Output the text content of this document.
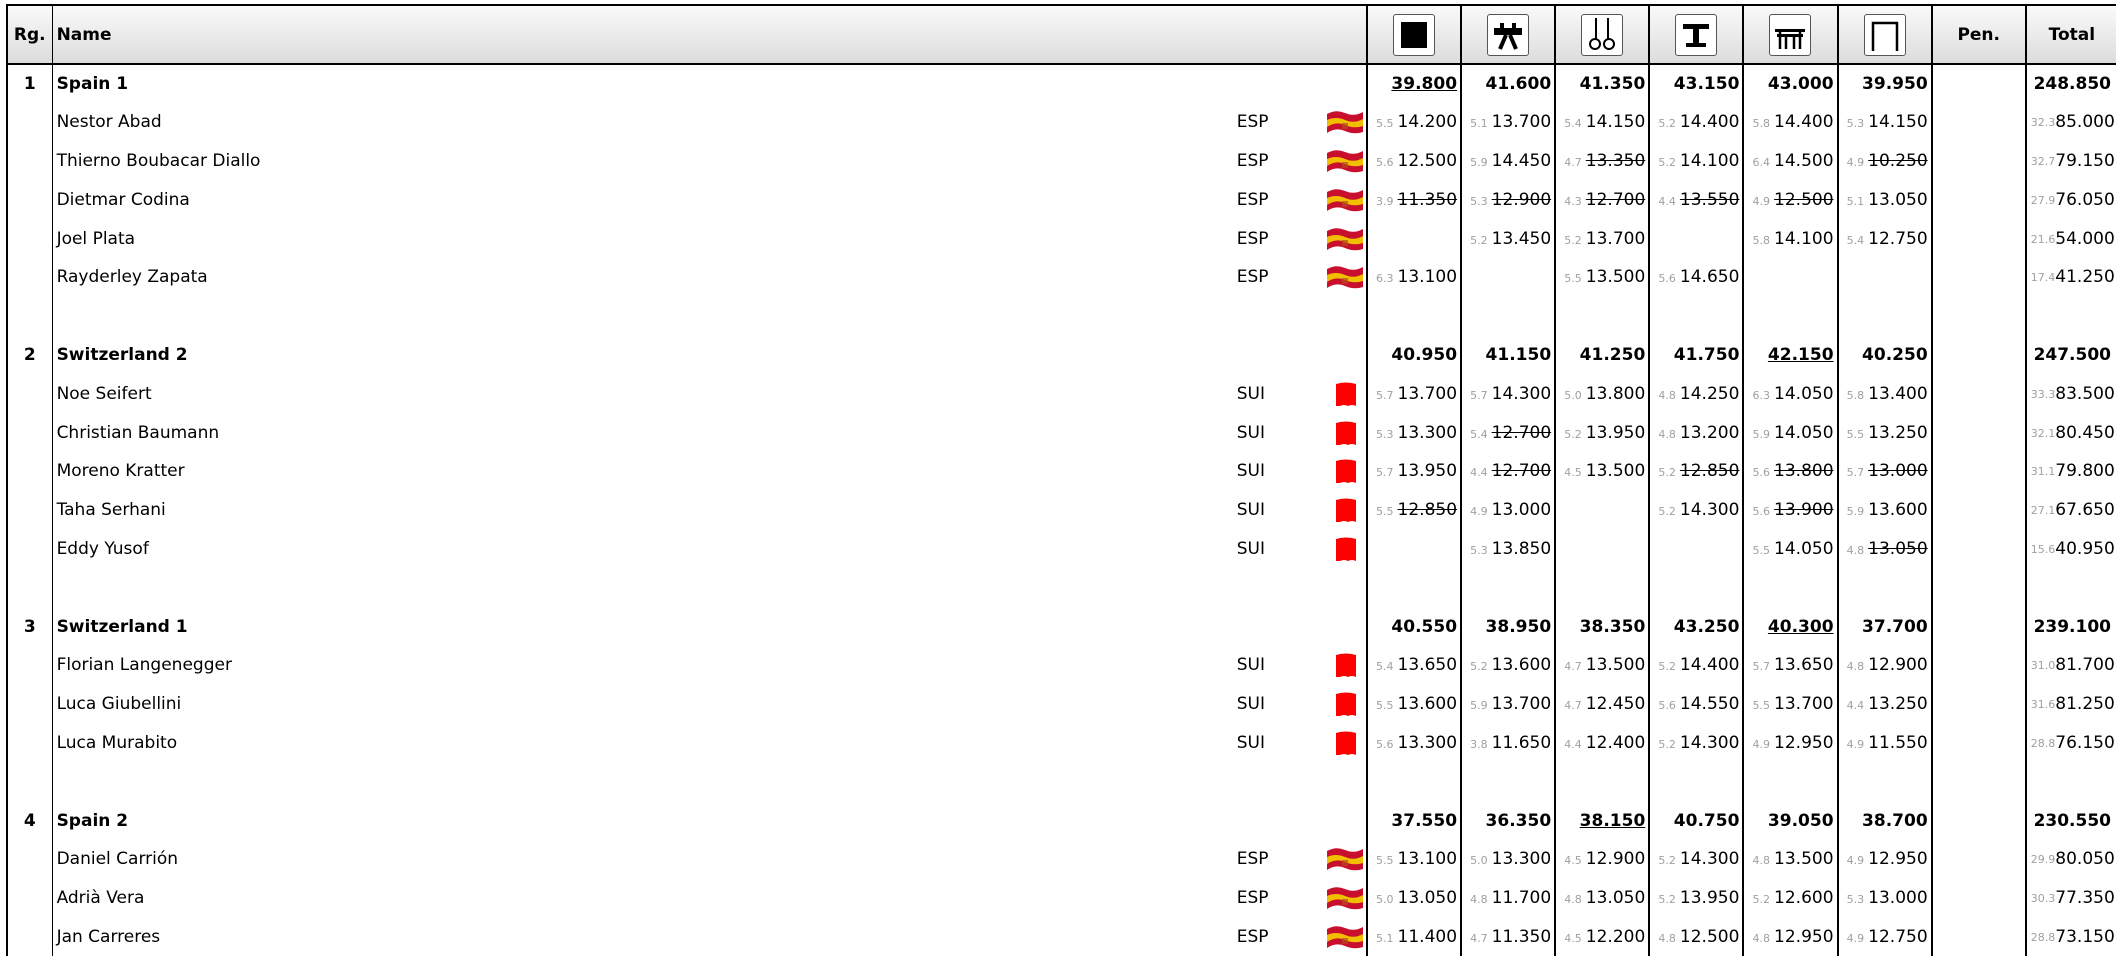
Rg.	Name									Pen.	Total
1	Spain 1			39.800	41.600	41.350	43.150	43.000	39.950		248.850
	Nestor Abad	ESP		5.5 14.200	5.1 13.700	5.4 14.150	5.2 14.400	5.8 14.400	5.3 14.150		32.3 85.000
	Thierno Boubacar Diallo	ESP		5.6 12.500	5.9 14.450	4.7 13.350	5.2 14.100	6.4 14.500	4.9 10.250		32.7 79.150
	Dietmar Codina	ESP		3.9 11.350	5.3 12.900	4.3 12.700	4.4 13.550	4.9 12.500	5.1 13.050		27.9 76.050
	Joel Plata	ESP			5.2 13.450	5.2 13.700		5.8 14.100	5.4 12.750		21.6 54.000
	Rayderley Zapata	ESP		6.3 13.100		5.5 13.500	5.6 14.650				17.4 41.250

2	Switzerland 2			40.950	41.150	41.250	41.750	42.150	40.250		247.500
	Noe Seifert	SUI		5.7 13.700	5.7 14.300	5.0 13.800	4.8 14.250	6.3 14.050	5.8 13.400		33.3 83.500
	Christian Baumann	SUI		5.3 13.300	5.4 12.700	5.2 13.950	4.8 13.200	5.9 14.050	5.5 13.250		32.1 80.450
	Moreno Kratter	SUI		5.7 13.950	4.4 12.700	4.5 13.500	5.2 12.850	5.6 13.800	5.7 13.000		31.1 79.800
	Taha Serhani	SUI		5.5 12.850	4.9 13.000		5.2 14.300	5.6 13.900	5.9 13.600		27.1 67.650
	Eddy Yusof	SUI			5.3 13.850			5.5 14.050	4.8 13.050		15.6 40.950

3	Switzerland 1			40.550	38.950	38.350	43.250	40.300	37.700		239.100
	Florian Langenegger	SUI		5.4 13.650	5.2 13.600	4.7 13.500	5.2 14.400	5.7 13.650	4.8 12.900		31.0 81.700
	Luca Giubellini	SUI		5.5 13.600	5.9 13.700	4.7 12.450	5.6 14.550	5.5 13.700	4.4 13.250		31.6 81.250
	Luca Murabito	SUI		5.6 13.300	3.8 11.650	4.4 12.400	5.2 14.300	4.9 12.950	4.9 11.550		28.8 76.150

4	Spain 2			37.550	36.350	38.150	40.750	39.050	38.700		230.550
	Daniel Carrión	ESP		5.5 13.100	5.0 13.300	4.5 12.900	5.2 14.300	4.8 13.500	4.9 12.950		29.9 80.050
	Adrià Vera	ESP		5.0 13.050	4.8 11.700	4.8 13.050	5.2 13.950	5.2 12.600	5.3 13.000		30.3 77.350
	Jan Carreres	ESP		5.1 11.400	4.7 11.350	4.5 12.200	4.8 12.500	4.8 12.950	4.9 12.750		28.8 73.150
